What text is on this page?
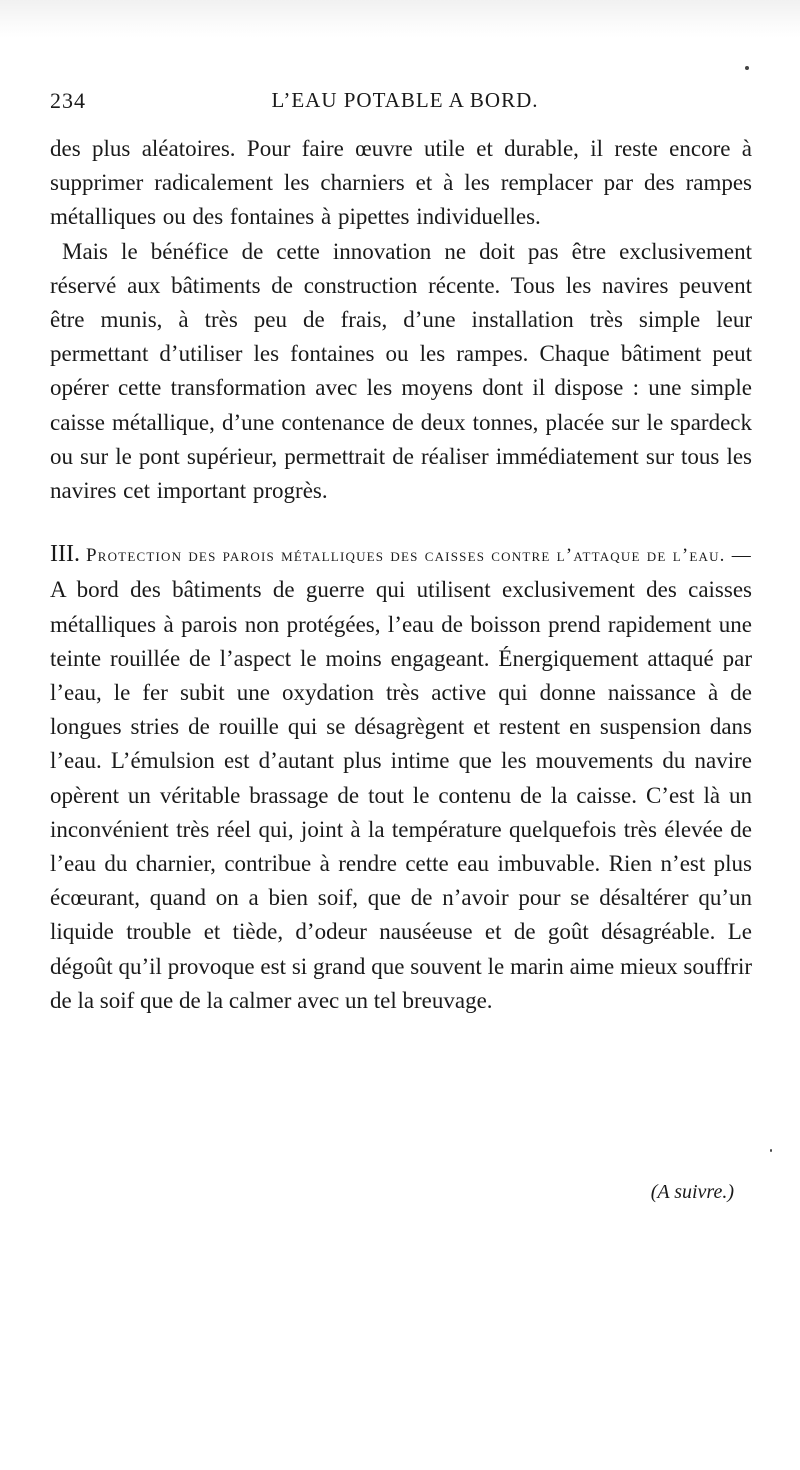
234	L’EAU POTABLE A BORD.

des plus aléatoires. Pour faire œuvre utile et durable, il reste encore à supprimer radicalement les charniers et à les remplacer par des rampes métalliques ou des fontaines à pipettes individuelles.

Mais le bénéfice de cette innovation ne doit pas être exclusivement réservé aux bâtiments de construction récente. Tous les navires peuvent être munis, à très peu de frais, d’une installation très simple leur permettant d’utiliser les fontaines ou les rampes. Chaque bâtiment peut opérer cette transformation avec les moyens dont il dispose : une simple caisse métallique, d’une contenance de deux tonnes, placée sur le spardeck ou sur le pont supérieur, permettrait de réaliser immédiatement sur tous les navires cet important progrès.

III. Protection des parois métalliques des caisses contre l’attaque de l’eau. — A bord des bâtiments de guerre qui utilisent exclusivement des caisses métalliques à parois non protégées, l’eau de boisson prend rapidement une teinte rouillée de l’aspect le moins engageant. Énergiquement attaqué par l’eau, le fer subit une oxydation très active qui donne naissance à de longues stries de rouille qui se désagrègent et restent en suspension dans l’eau. L’émulsion est d’autant plus intime que les mouvements du navire opèrent un véritable brassage de tout le contenu de la caisse. C’est là un inconvénient très réel qui, joint à la température quelquefois très élevée de l’eau du charnier, contribue à rendre cette eau imbuvable. Rien n’est plus écœurant, quand on a bien soif, que de n’avoir pour se désaltérer qu’un liquide trouble et tiède, d’odeur nauséeuse et de goût désagréable. Le dégoût qu’il provoque est si grand que souvent le marin aime mieux souffrir de la soif que de la calmer avec un tel breuvage.

(A suivre.)
